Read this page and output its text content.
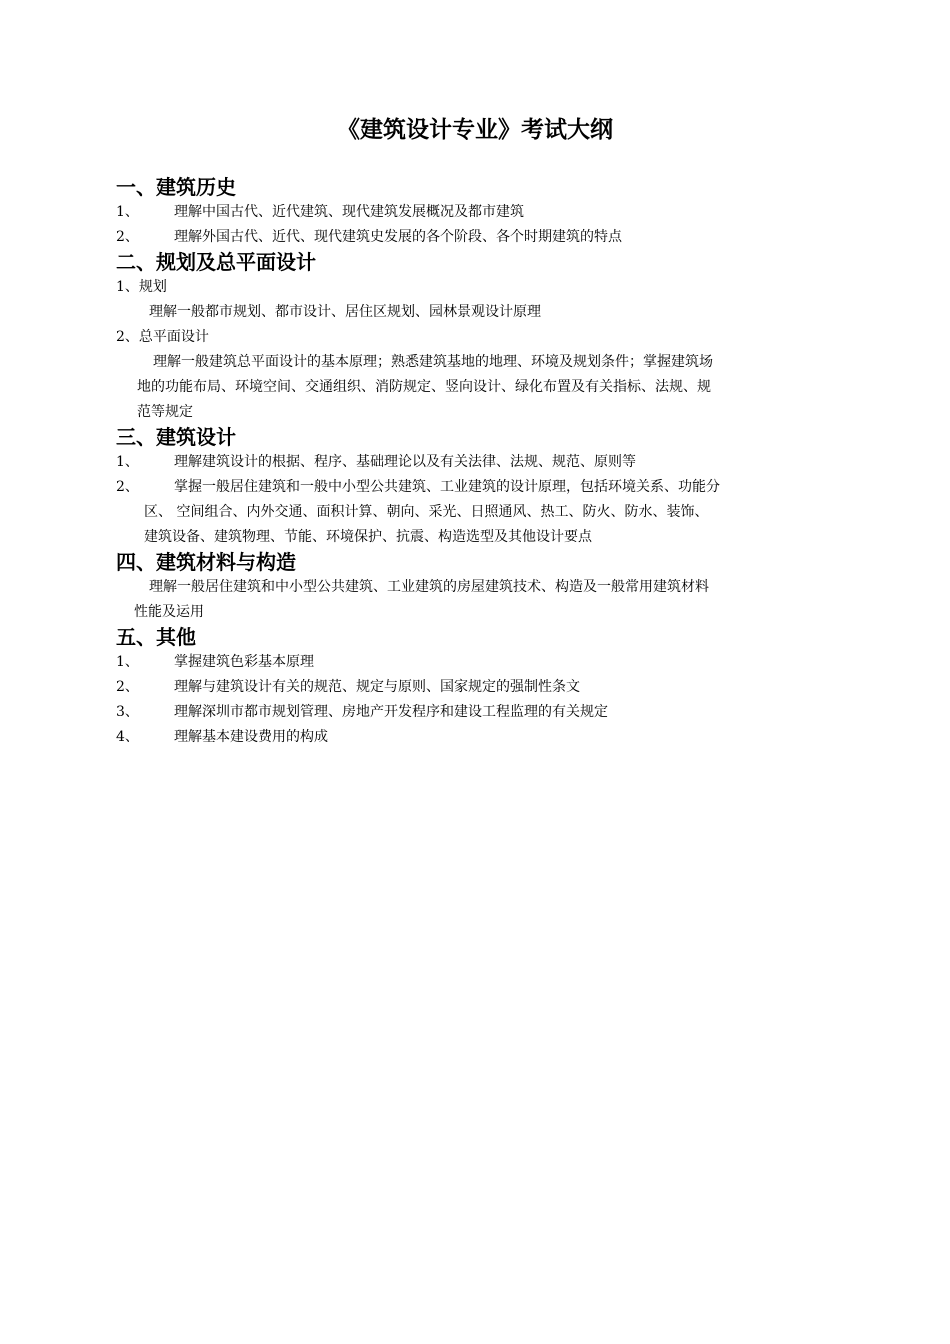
《建筑设计专业》考试大纲
一、建筑历史
1、	理解中国古代、近代建筑、现代建筑发展概况及都市建筑
2、	理解外国古代、近代、现代建筑史发展的各个阶段、各个时期建筑的特点
二、规划及总平面设计
1、规划
理解一般都市规划、都市设计、居住区规划、园林景观设计原理
2、总平面设计
理解一般建筑总平面设计的基本原理；熟悉建筑基地的地理、环境及规划条件；掌握建筑场
地的功能布局、环境空间、交通组织、消防规定、竖向设计、绿化布置及有关指标、法规、规
范等规定
三、建筑设计
1、	理解建筑设计的根据、程序、基础理论以及有关法律、法规、规范、原则等
2、	掌握一般居住建筑和一般中小型公共建筑、工业建筑的设计原理，包括环境关系、功能分
区、 空间组合、内外交通、面积计算、朝向、采光、日照通风、热工、防火、防水、装饰、
建筑设备、建筑物理、节能、环境保护、抗震、构造选型及其他设计要点
四、建筑材料与构造
理解一般居住建筑和中小型公共建筑、工业建筑的房屋建筑技术、构造及一般常用建筑材料
性能及运用
五、其他
1、	掌握建筑色彩基本原理
2、	理解与建筑设计有关的规范、规定与原则、国家规定的强制性条文
3、	理解深圳市都市规划管理、房地产开发程序和建设工程监理的有关规定
4、	理解基本建设费用的构成
